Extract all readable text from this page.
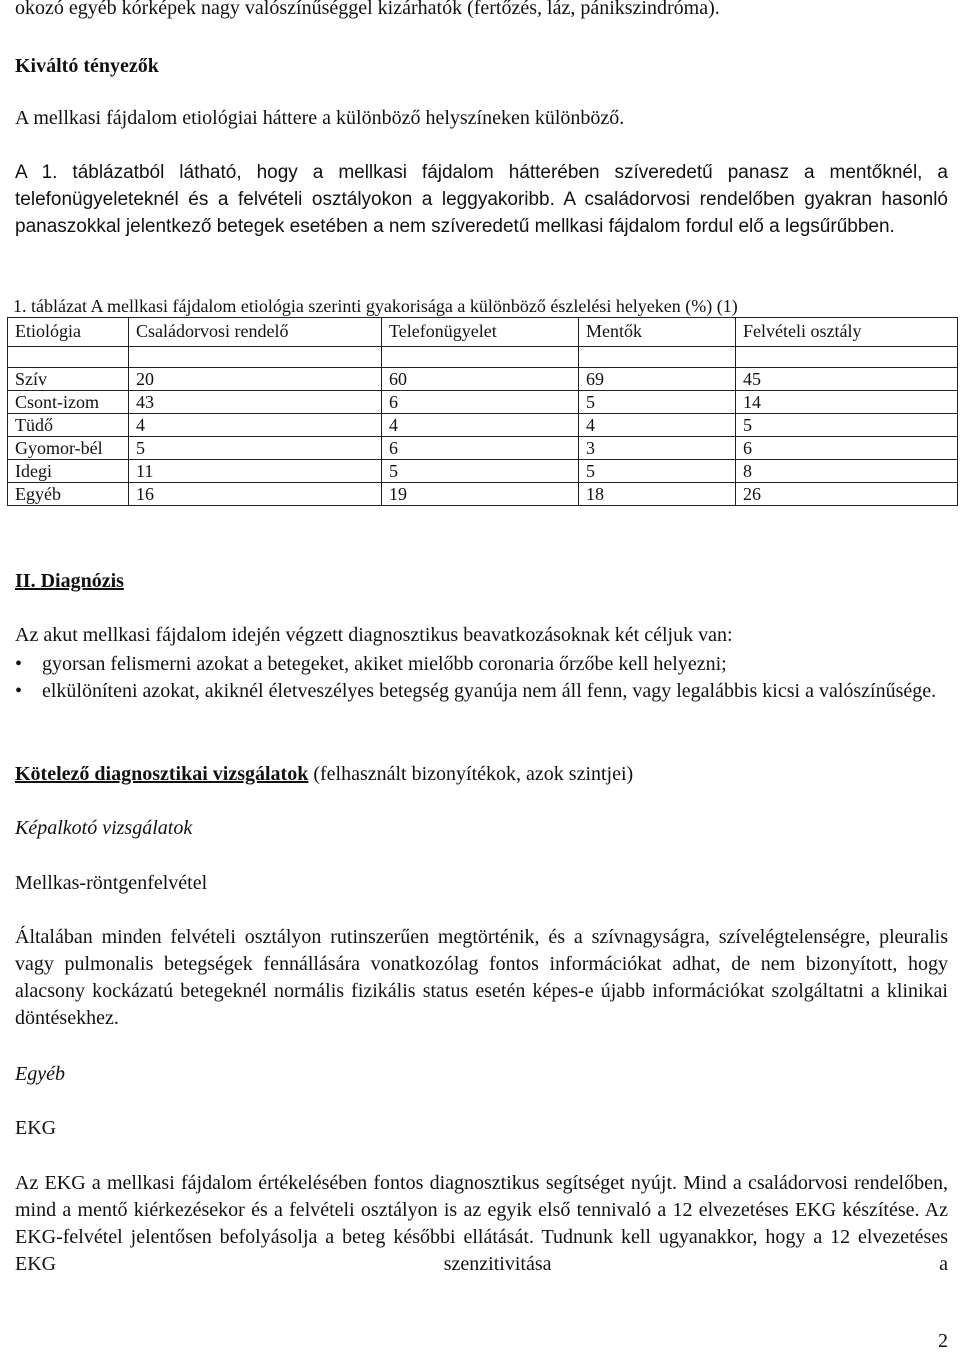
okozó egyéb kórképek nagy valószínűséggel kizárhatók (fertőzés, láz, pánikszindróma).

Kiváltó tényezők

A mellkasi fájdalom etiológiai háttere a különböző helyszíneken különböző.

A 1. táblázatból látható, hogy a mellkasi fájdalom hátterében szíveredetű panasz a mentőknél, a telefonügyeleteknél és a felvételi osztályokon a leggyakoribb. A családorvosi rendelőben gyakran hasonló panaszokkal jelentkező betegek esetében a nem szíveredetű mellkasi fájdalom fordul elő a legsűrűbben.

1. táblázat A mellkasi fájdalom etiológia szerinti gyakorisága a különböző észlelési helyeken (%) (1)
Etiológia	Családorvosi rendelő	Telefonügyelet	Mentők	Felvételi osztály

Szív	20	60	69	45
Csont-izom	43	6	5	14
Tüdő	4	4	4	5
Gyomor-bél	5	6	3	6
Idegi	11	5	5	8
Egyéb	16	19	18	26

II. Diagnózis

Az akut mellkasi fájdalom idején végzett diagnosztikus beavatkozásoknak két céljuk van:

• gyorsan felismerni azokat a betegeket, akiket mielőbb coronaria őrzőbe kell helyezni;
• elkülöníteni azokat, akiknél életveszélyes betegség gyanúja nem áll fenn, vagy legalábbis kicsi a valószínűsége.

Kötelező diagnosztikai vizsgálatok (felhasznált bizonyítékok, azok szintjei)

Képalkotó vizsgálatok

Mellkas-röntgenfelvétel

Általában minden felvételi osztályon rutinszerűen megtörténik, és a szívnagyságra, szívelégtelenségre, pleuralis vagy pulmonalis betegségek fennállására vonatkozólag fontos információkat adhat, de nem bizonyított, hogy alacsony kockázatú betegeknél normális fizikális status esetén képes-e újabb információkat szolgáltatni a klinikai döntésekhez.

Egyéb

EKG

Az EKG a mellkasi fájdalom értékelésében fontos diagnosztikus segítséget nyújt. Mind a családorvosi rendelőben, mind a mentő kiérkezésekor és a felvételi osztályon is az egyik első tennivaló a 12 elvezetéses EKG készítése. Az EKG-felvétel jelentősen befolyásolja a beteg későbbi ellátását. Tudnunk kell ugyanakkor, hogy a 12 elvezetéses EKG szenzitivitása a

2
